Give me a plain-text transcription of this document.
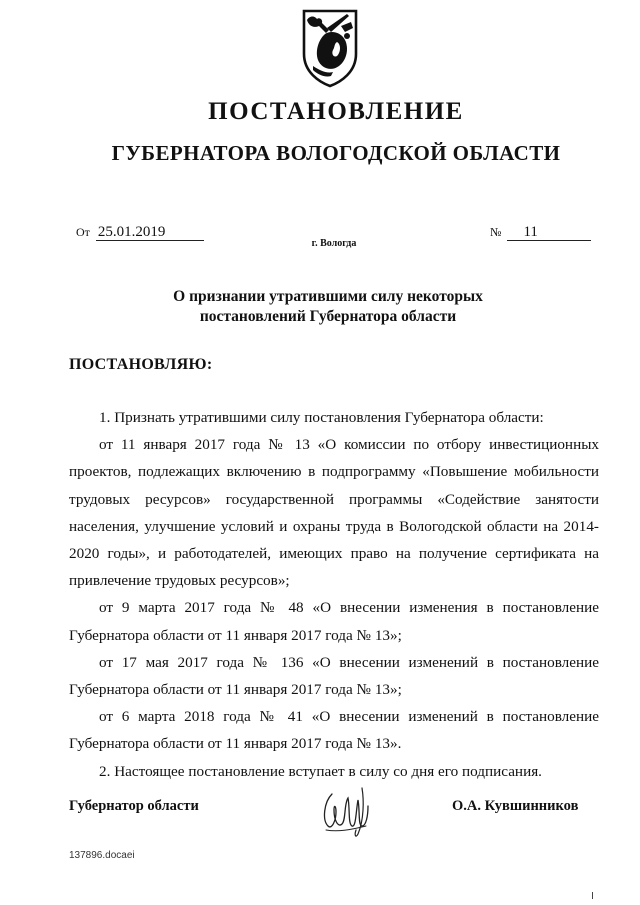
ПОСТАНОВЛЕНИЕ
ГУБЕРНАТОРА ВОЛОГОДСКОЙ ОБЛАСТИ
От 25.01.2019	№ 11
г. Вологда
О признании утратившими силу некоторых
постановлений Губернатора области
ПОСТАНОВЛЯЮ:

1. Признать утратившими силу постановления Губернатора области:

от 11 января 2017 года № 13 «О комиссии по отбору инвестиционных проектов, подлежащих включению в подпрограмму «Повышение мобильности трудовых ресурсов» государственной программы «Содействие занятости населения, улучшение условий и охраны труда в Вологодской области на 2014-2020 годы», и работодателей, имеющих право на получение сертификата на привлечение трудовых ресурсов»;

от 9 марта 2017 года № 48 «О внесении изменения в постановление Губернатора области от 11 января 2017 года № 13»;

от 17 мая 2017 года № 136 «О внесении изменений в постановление Губернатора области от 11 января 2017 года № 13»;

от 6 марта 2018 года № 41 «О внесении изменений в постановление Губернатора области от 11 января 2017 года № 13».

2. Настоящее постановление вступает в силу со дня его подписания.

Губернатор области	О.А. Кувшинников
137896.docaei
